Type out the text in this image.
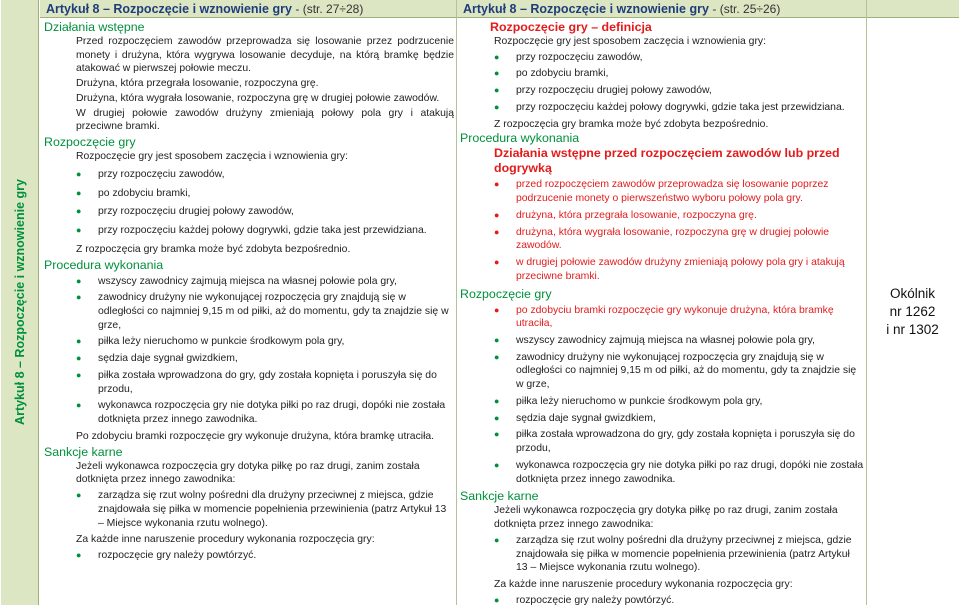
Artykuł 8 – Rozpoczęcie i wznowienie gry
Artykuł 8 – Rozpoczęcie i wznowienie gry - (str. 27÷28)	Artykuł 8 – Rozpoczęcie i wznowienie gry - (str. 25÷26)
Działania wstępne
Przed rozpoczęciem zawodów przeprowadza się losowanie przez podrzucenie monety i drużyna, która wygrywa losowanie decyduje, na którą bramkę będzie atakować w pierwszej połowie meczu.
Drużyna, która przegrała losowanie, rozpoczyna grę.
Drużyna, która wygrała losowanie, rozpoczyna grę w drugiej połowie zawodów.
W drugiej połowie zawodów drużyny zmieniają połowy pola gry i atakują przeciwne bramki.
Rozpoczęcie gry
Rozpoczęcie gry jest sposobem zaczęcia i wznowienia gry:
● przy rozpoczęciu zawodów,
● po zdobyciu bramki,
● przy rozpoczęciu drugiej połowy zawodów,
● przy rozpoczęciu każdej połowy dogrywki, gdzie taka jest przewidziana.
Z rozpoczęcia gry bramka może być zdobyta bezpośrednio.
Procedura wykonania
● wszyscy zawodnicy zajmują miejsca na własnej połowie pola gry,
● zawodnicy drużyny nie wykonującej rozpoczęcia gry znajdują się w odległości co najmniej 9,15 m od piłki, aż do momentu, gdy ta znajdzie się w grze,
● piłka leży nieruchomo w punkcie środkowym pola gry,
● sędzia daje sygnał gwizdkiem,
● piłka została wprowadzona do gry, gdy została kopnięta i poruszyła się do przodu,
● wykonawca rozpoczęcia gry nie dotyka piłki po raz drugi, dopóki nie została dotknięta przez innego zawodnika.
Po zdobyciu bramki rozpoczęcie gry wykonuje drużyna, która bramkę utraciła.
Sankcje karne
Jeżeli wykonawca rozpoczęcia gry dotyka piłkę po raz drugi, zanim została dotknięta przez innego zawodnika:
● zarządza się rzut wolny pośredni dla drużyny przeciwnej z miejsca, gdzie znajdowała się piłka w momencie popełnienia przewinienia (patrz Artykuł 13 – Miejsce wykonania rzutu wolnego).
Za każde inne naruszenie procedury wykonania rozpoczęcia gry:
● rozpoczęcie gry należy powtórzyć.
Rozpoczęcie gry – definicja
Rozpoczęcie gry jest sposobem zaczęcia i wznowienia gry:
● przy rozpoczęciu zawodów,
● po zdobyciu bramki,
● przy rozpoczęciu drugiej połowy zawodów,
● przy rozpoczęciu każdej połowy dogrywki, gdzie taka jest przewidziana.
Z rozpoczęcia gry bramka może być zdobyta bezpośrednio.
Procedura wykonania
Działania wstępne przed rozpoczęciem zawodów lub przed dogrywką
● przed rozpoczęciem zawodów przeprowadza się losowanie poprzez podrzucenie monety o pierwszeństwo wyboru połowy pola gry.
● drużyna, która przegrała losowanie, rozpoczyna grę.
● drużyna, która wygrała losowanie, rozpoczyna grę w drugiej połowie zawodów.
● w drugiej połowie zawodów drużyny zmieniają połowy pola gry i atakują przeciwne bramki.
Rozpoczęcie gry
● po zdobyciu bramki rozpoczęcie gry wykonuje drużyna, która bramkę utraciła,
● wszyscy zawodnicy zajmują miejsca na własnej połowie pola gry,
● zawodnicy drużyny nie wykonującej rozpoczęcia gry znajdują się w odległości co najmniej 9,15 m od piłki, aż do momentu, gdy ta znajdzie się w grze,
● piłka leży nieruchomo w punkcie środkowym pola gry,
● sędzia daje sygnał gwizdkiem,
● piłka została wprowadzona do gry, gdy została kopnięta i poruszyła się do przodu,
● wykonawca rozpoczęcia gry nie dotyka piłki po raz drugi, dopóki nie została dotknięta przez innego zawodnika.
Sankcje karne
Jeżeli wykonawca rozpoczęcia gry dotyka piłkę po raz drugi, zanim została dotknięta przez innego zawodnika:
● zarządza się rzut wolny pośredni dla drużyny przeciwnej z miejsca, gdzie znajdowała się piłka w momencie popełnienia przewinienia (patrz Artykuł 13 – Miejsce wykonania rzutu wolnego).
Za każde inne naruszenie procedury wykonania rozpoczęcia gry:
● rozpoczęcie gry należy powtórzyć.
Okólnik
nr 1262
i nr 1302
